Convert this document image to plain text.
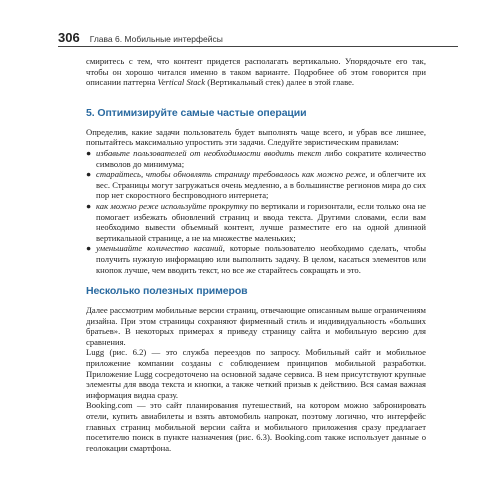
306 Глава 6. Мобильные интерфейсы

смиритесь с тем, что контент придется располагать вертикально. Упорядочьте его так, чтобы он хорошо читался именно в таком варианте. Подробнее об этом говорится при описании паттерна Vertical Stack (Вертикальный стек) далее в этой главе.

5. Оптимизируйте самые частые операции

Определив, какие задачи пользователь будет выполнять чаще всего, и убрав все лишнее, попытайтесь максимально упростить эти задачи. Следуйте эвристическим правилам:

● избавьте пользователей от необходимости вводить текст либо сократите количество символов до минимума;
● старайтесь, чтобы обновлять страницу требовалось как можно реже, и облегчите их вес. Страницы могут загружаться очень медленно, а в большинстве регионов мира до сих пор нет скоростного беспроводного интернета;
● как можно реже используйте прокрутку по вертикали и горизонтали, если только она не помогает избежать обновлений страниц и ввода текста. Другими словами, если вам необходимо вывести объемный контент, лучше разместите его на одной длинной вертикальной странице, а не на множестве маленьких;
● уменьшайте количество касаний, которые пользователю необходимо сделать, чтобы получить нужную информацию или выполнить задачу. В целом, касаться элементов или кнопок лучше, чем вводить текст, но все же старайтесь сокращать и это.
Несколько полезных примеров

Далее рассмотрим мобильные версии страниц, отвечающие описанным выше ограничениям дизайна. При этом страницы сохраняют фирменный стиль и индивидуальность «больших братьев». В некоторых примерах я приведу страницу сайта и мобильную версию для сравнения.

Lugg (рис. 6.2) — это служба переездов по запросу. Мобильный сайт и мобильное приложение компании созданы с соблюдением принципов мобильной разработки. Приложение Lugg сосредоточено на основной задаче сервиса. В нем присутствуют крупные элементы для ввода текста и кнопки, а также четкий призыв к действию. Вся самая важная информация видна сразу.

Booking.com — это сайт планирования путешествий, на котором можно забронировать отели, купить авиабилеты и взять автомобиль напрокат, поэтому логично, что интерфейс главных страниц мобильной версии сайта и мобильного приложения сразу предлагает посетителю поиск в пункте назначения (рис. 6.3). Booking.com также использует данные о геолокации смартфона.
